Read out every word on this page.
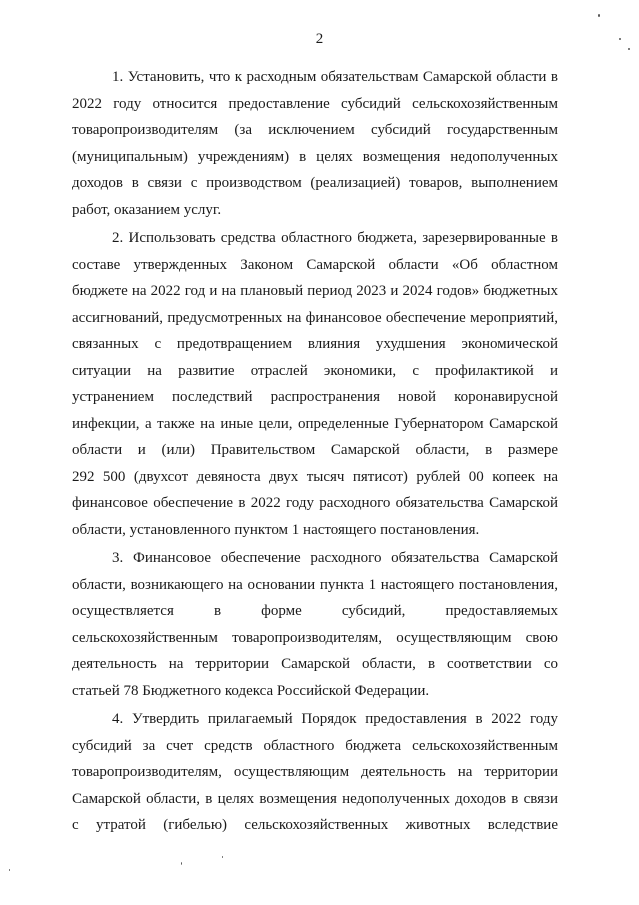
2
1. Установить, что к расходным обязательствам Самарской области в
2022 году относится предоставление субсидий сельскохозяйственным
товаропроизводителям (за исключением субсидий государственным
(муниципальным) учреждениям) в целях возмещения недополученных
доходов в связи с производством (реализацией) товаров, выполнением
работ, оказанием услуг.
2. Использовать средства областного бюджета, зарезервированные в
составе утвержденных Законом Самарской области «Об областном
бюджете на 2022 год и на плановый период 2023 и 2024 годов» бюджетных
ассигнований, предусмотренных на финансовое обеспечение мероприятий,
связанных с предотвращением влияния ухудшения экономической
ситуации на развитие отраслей экономики, с профилактикой и
устранением последствий распространения новой коронавирусной
инфекции, а также на иные цели, определенные Губернатором Самарской
области и (или) Правительством Самарской области, в размере
292 500 (двухсот девяноста двух тысяч пятисот) рублей 00 копеек на
финансовое обеспечение в 2022 году расходного обязательства Самарской
области, установленного пунктом 1 настоящего постановления.
3. Финансовое обеспечение расходного обязательства Самарской
области, возникающего на основании пункта 1 настоящего постановления,
осуществляется в форме субсидий, предоставляемых
сельскохозяйственным товаропроизводителям, осуществляющим свою
деятельность на территории Самарской области, в соответствии со
статьей 78 Бюджетного кодекса Российской Федерации.
4. Утвердить прилагаемый Порядок предоставления в 2022 году
субсидий за счет средств областного бюджета сельскохозяйственным
товаропроизводителям, осуществляющим деятельность на территории
Самарской области, в целях возмещения недополученных доходов в связи
с утратой (гибелью) сельскохозяйственных животных вследствие
